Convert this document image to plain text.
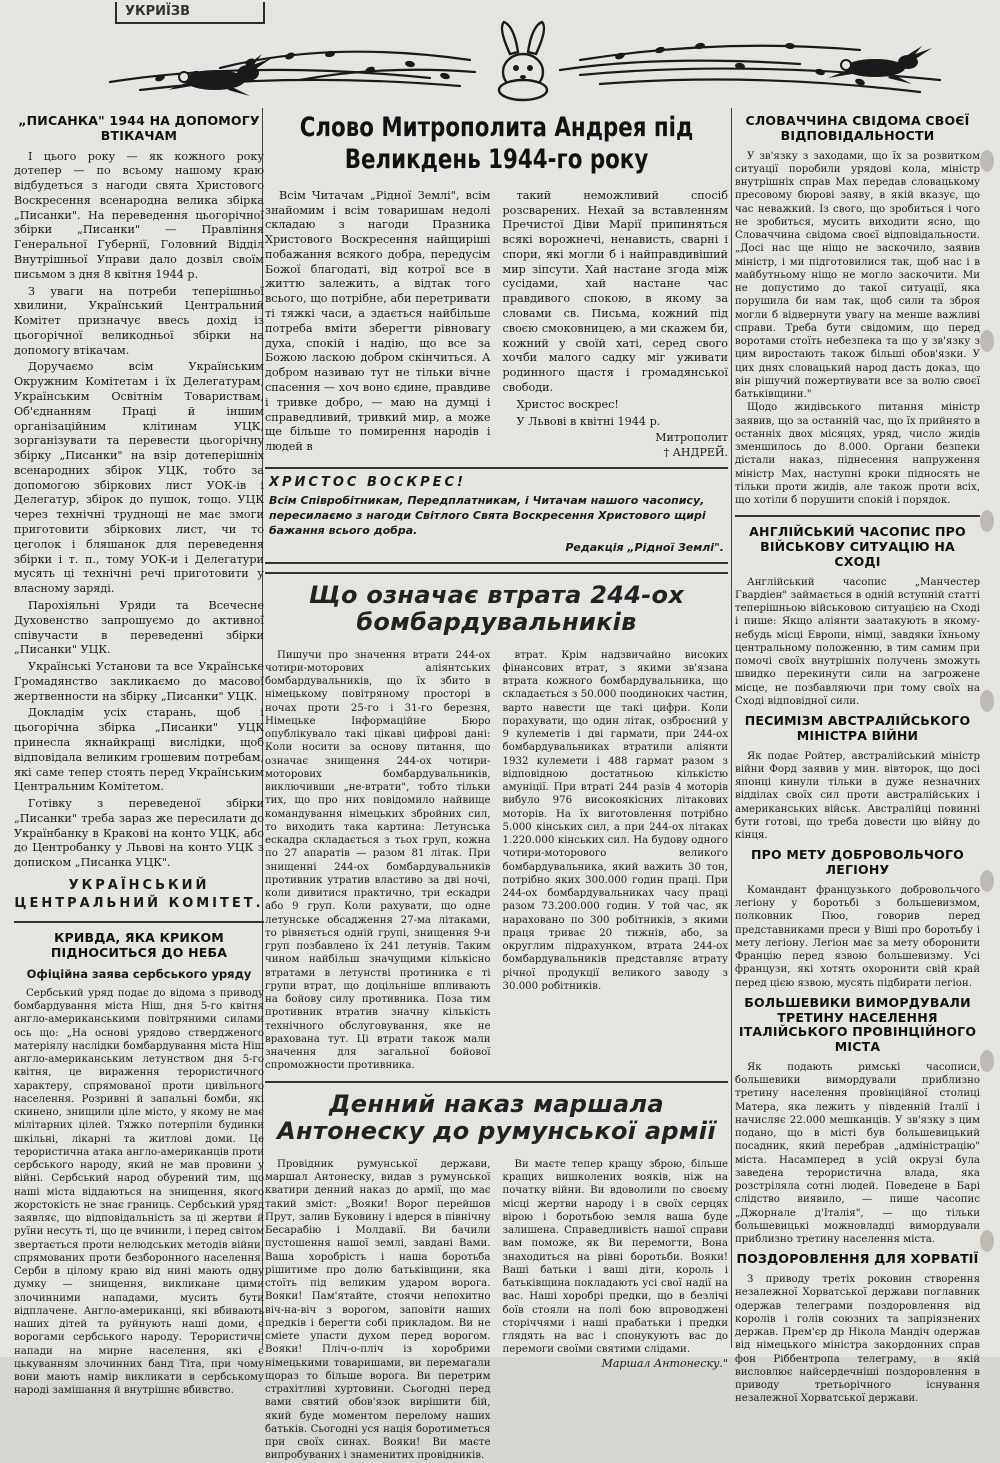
УКРИЇЗВ
„ПИСАНКА" 1944 НА ДОПОМОГУ ВТІКАЧАМ

І цього року — як кожного року дотепер — по всьому нашому краю відбудеться з нагоди свята Христового Воскресення всенародна велика збірка „Писанки". На переведення цьогорічної збірки „Писанки" — Правління Генеральної Губернії, Головний Відділ Внутрішньої Управи дало дозвіл своїм письмом з дня 8 квітня 1944 р.

З уваги на потреби теперішньої хвилини, Український Центральний Комітет призначує ввесь дохід із цьогорічної великодньої збірки на допомогу втікачам.

Доручаємо всім Українським Окружним Комітетам і їх Делегатурам, Українським Освітнім Товариствам, Об'єднанням Праці й іншим організаційним клітинам УЦК, зорганізувати та перевести цьогорічну збірку „Писанки" на взір дотеперішніх всенародних збірок УЦК, тобто за допомогою збіркових лист УОК-ів і Делегатур, збірок до пушок, тощо. УЦК через технічні труднощі не має змоги приготовити збіркових лист, чи то цеголок і бляшанок для переведення збірки і т. п., тому УОК-и і Делегатури мусять ці технічні речі приготовити у власному заряді.

Парохіяльні Уряди та Всечесне Духовенство запрошуємо до активної співучасти в переведенні збірки „Писанки" УЦК.

Українські Установи та все Українське Громадянство закликаємо до масової жертвенности на збірку „Писанки" УЦК.

Докладім усіх старань, щоб і цьогорічна збірка „Писанки" УЦК принесла якнайкращі вислідки, щоб відповідала великим грошевим потребам, які саме тепер стоять перед Українським Центральним Комітетом.

Готівку з переведеної збірки „Писанки" треба зараз же пересилати до Українбанку в Кракові на конто УЦК, або до Центробанку у Львові на конто УЦК з дописком „Писанка УЦК".

УКРАЇНСЬКИЙ ЦЕНТРАЛЬНИЙ КОМІТЕТ.
КРИВДА, ЯКА КРИКОМ ПІДНОСИТЬСЯ ДО НЕБА
Офіційна заява сербського уряду

Сербський уряд подає до відома з приводу бомбардування міста Ніш, дня 5-го квітня англо-американськими повітряними силами ось що: „На основі урядово ствердженого матеріялу наслідки бомбардування міста Ніш англо-американським летунством дня 5-го квітня, це вираження терористичного характеру, спрямованої проти цивільного населення. Розривні й запальні бомби, які скинено, знищили ціле місто, у якому не має мілітарних цілей. Тяжко потерпіли будинки шкільні, лікарні та житлові доми. Це терористична атака англо-американців проти сербського народу, який не мав провини у війні. Сербський народ обурений тим, що наші міста віддаються на знищення, якого жорстокість не знає границь. Сербський уряд заявляє, що відповідальність за ці жертви й руїни несуть ті, що це вчинили, і перед світом звертається проти нелюдських методів війни, спрямованих проти безборонного населення. Серби в цілому краю від нині мають одну думку — знищення, викликане цими злочинними нападами, мусить бути відплачене. Англо-американці, які вбивають наших дітей та руйнують наші доми, є ворогами сербського народу. Терористичні напади на мирне населення, які є цькуванням злочинних банд Тіта, при чому вони мають намір викликати в сербському народі замішання й внутрішнє вбивство.

Слово Митрополита Андрея під Великдень 1944-го року

Всім Читачам „Рідної Землі", всім знайомим і всім товаришам недолі складаю з нагоди Празника Христового Воскресення найщиріші побажання всякого добра, передусім Божої благодаті, від котрої все в життю залежить, а відтак того всього, що потрібне, аби перетривати ті тяжкі часи, а здається найбільше потреба вміти зберегти рівновагу духа, спокій і надію, що все за Божою ласкою добром скінчиться. А добром називаю тут не тільки вічне спасення — хоч воно єдине, правдиве і тривке добро, — маю на думці і справедливий, тривкий мир, а може ще більше то помирення народів і людей в

такий неможливий спосіб розсварених. Нехай за вставленням Пречистої Діви Марії припиняться всякі ворожнечі, ненависть, сварні і спори, які могли б і найправдивіший мир зіпсути. Хай настане згода між сусідами, хай настане час правдивого спокою, в якому за словами св. Письма, кожний під своєю смоковницею, а ми скажем би, кожний у своїй хаті, серед свого хочби малого садку міг уживати родинного щастя і громадянської свободи.

Христос воскрес!

У Львові в квітні 1944 р.

Митрополит
† АНДРЕЙ.
ХРИСТОС ВОСКРЕС!
Всім Співробітникам, Передплатникам, і Читачам нашого часопису, пересилаємо з нагоди Світлого Свята Воскресення Христового щирі бажання всього добра.
Редакція „Рідної Землі".
Що означає втрата 244-ох бомбардувальників

Пишучи про значення втрати 244-ох чотири-моторових аліянтських бомбардувальників, що їх збито в німецькому повітряному просторі в ночах проти 25-го і 31-го березня, Німецьке Інформаційне Бюро опублікувало такі цікаві цифрові дані: Коли носити за основу питання, що означає знищення 244-ох чотири-моторових бомбардувальників, виключивши „не-втрати", тобто тільки тих, що про них повідомило найвище командування німецьких збройних сил, то виходить така картина: Летунська ескадра складається з тьох груп, кожна по 27 апаратів — разом 81 літак. При знищенні 244-ох бомбардувальників противник утратив властиво за дві ночі, коли дивитися практично, три ескадри або 9 груп. Коли рахувати, що одне летунське обсадження 27-ма літаками, то рівняється одній групі, знищення 9-и груп позбавлено їх 241 летунів. Таким чином найбільш значущими кількісно втратами в летунстві протиника є ті групи втрат, що доцільніше впливають на бойову силу противника. Поза тим противник втратив значну кількість технічного обслуговування, яке не врахована тут. Ці втрати також мали значення для загальної бойової спроможности противника.

втрат. Крім надзвичайно високих фінансових втрат, з якими зв'язана втрата кожного бомбардувальника, що складається з 50.000 поодиноких частин, варто навести ще такі цифри. Коли порахувати, що один літак, озброєний у 9 кулеметів і дві гармати, при 244-ох бомбардувальниках втратили аліянти 1932 кулемети і 488 гармат разом з відповідною достатньою кількістю амуніції. При втраті 244 разів 4 моторів вибуло 976 високоякісних літакових моторів. На їх виготовлення потрібно 5.000 кінських сил, а при 244-ох літаках 1.220.000 кінських сил. На будову одного чотири-моторового великого бомбардувальника, який важить 30 тон, потрібно яких 300.000 годин праці. При 244-ох бомбардувальниках часу праці разом 73.200.000 годин. У той час, як нараховано по 300 робітників, з якими праця триває 20 тижнів, або, за округлим підрахунком, втрата 244-ох бомбардувальників представляє втрату річної продукції великого заводу з 30.000 робітників.

Денний наказ маршала Антонеску до румунської армії

Провідник румунської держави, маршал Антонеску, видав з румунської кватири денний наказ до армії, що має такий зміст: „Вояки! Ворог перейшов Прут, залив Буковину і вдерся в північну Бесарабію і Молдавії. Ви бачили пустошення нашої землі, завдані Вами. Ваша хоробрість і наша боротьба рішитиме про долю батьківщини, яка стоїть під великим ударом ворога. Вояки! Пам'ятайте, стоячи непохитно віч-на-віч з ворогом, заповіти наших предків і берегти собі прикладом. Ви не сміете упасти духом перед ворогом. Вояки! Пліч-о-пліч із хоробрими німецькими товаришами, ви перемагали щораз то більше ворога. Ви перетрим страхітливі хуртовини. Сьогодні перед вами святий обов'язок вирішити бій, який буде моментом перелому наших батьків. Сьогодні уся нація боротиметься при своїх синах. Вояки! Ви маєте випробуваних і знаменитих провідників.

Ви маєте тепер кращу зброю, більше кращих вишколених вояків, ніж на початку війни. Ви вдоволили по своєму місці жертви народу і в своїх серцях вірою і боротьбою земля ваша буде залишена. Справедливість нашої справи вам поможе, як Ви перемогти, Вона знаходиться на рівні боротьби. Вояки! Ваші батьки і ваші діти, король і батьківщина покладають усі свої надії на вас. Наші хоробрі предки, що в безлічі боїв стояли на полі бою впроводжені сторіччями і наші прабатьки і предки глядять на вас і спонукують вас до перемоги своїми святими слідами.

Маршал Антонеску."
СЛОВАЧЧИНА СВІДОМА СВОЄЇ ВІДПОВІДАЛЬНОСТИ

У зв'язку з заходами, що їх за розвитком ситуації поробили урядові кола, міністр внутрішніх справ Мах передав словацькому пресовому бюрові заяву, в якій вказує, що час неважкий. Із свого, що зробиться і чого не зробиться, мусить виходити ясно, що Словаччина свідома своєї відповідальности. „Досі нас ще ніщо не заскочило, заявив міністр, і ми підготовилися так, щоб нас і в майбутньому ніщо не могло заскочити. Ми не допустимо до такої ситуації, яка порушила би нам так, щоб сили та зброя могли б відвернути увагу на менше важливі справи. Треба бути свідомим, що перед воротами стоїть небезпека та що у зв'язку з цим виростають також більші обов'язки. У цих днях словацький народ дасть доказ, що він рішучий пожертвувати все за волю своєї батьківщини."

Щодо жидівського питання міністр заявив, що за останній час, що їх прийнято в останніх двох місяцях, уряд, число жидів зменшилось до 8.000. Органи безпеки дістали наказ, піднесення напруження міністр Мах, наступні кроки підносять не тільки проти жидів, але також проти всіх, що хотіли б порушити спокій і порядок.

АНГЛІЙСЬКИЙ ЧАСОПИС ПРО ВІЙСЬКОВУ СИТУАЦІЮ НА СХОДІ

Англійський часопис „Манчестер Гвардіен" займається в одній вступній статті теперішньою військовою ситуацією на Сході і пише: Якщо аліянти заатакують в якому-небудь місці Европи, німці, завдяки їхньому центральному положенню, в тим самим при помочі своїх внутрішніх получень зможуть швидко перекинути сили на загрожене місце, не позбавляючи при тому своїх на Сході відповідної сили.

ПЕСИМІЗМ АВСТРАЛІЙСЬКОГО МІНІСТРА ВІЙНИ

Як подає Ройтер, австралійський міністр війни Форд заявив у мин. вівторок, що досі японці кинули тільки в дуже незначних відділах своїх сил проти австралійських і американських військ. Австралійці повинні бути готові, що треба довести цю війну до кінця.

ПРО МЕТУ ДОБРОВОЛЬЧОГО ЛЕГІОНУ

Командант французького добровольчого легіону у боротьбі з большевизмом, полковник Пюо, говорив перед представниками преси у Віші про боротьбу і мету легіону. Легіон має за мету оборонити Францію перед язвою большевизму. Усі французи, які хотять охоронити свій край перед цією язвою, мусять підбирати легіон.

БОЛЬШЕВИКИ ВИМОРДУВАЛИ ТРЕТИНУ НАСЕЛЕННЯ ІТАЛІЙСЬКОГО ПРОВІНЦІЙНОГО МІСТА

Як подають римські часописи, большевики вимордували приблизно третину населення провінційної столиці Матера, яка лежить у південній Італії і начисляє 22.000 мешканців. У зв'язку з цим подано, що в місті був большевицький посадник, який перебрав „адміністрацію" міста. Насамперед в усій окрузі була заведена терористична влада, яка розстріляла сотні людей. Поведене в Барі слідство виявило, — пише часопис „Джорнале д'Італія", — що тільки большевицькі можновладці вимордували приблизно третину населення міста.

ПОЗДОРОВЛЕННЯ ДЛЯ ХОРВАТІЇ

З приводу третіх роковин створення незалежної Хорватської держави поглавник одержав телеграми поздоровлення від королів і голів союзних та запріязнених держав. Прем'єр др Нікола Мандіч одержав від німецького міністра закордонних справ фон Ріббентропа телеграму, в якій висловлює найсердечніші поздоровлення в приводу третьорічного існування незалежної Хорватської держави.
